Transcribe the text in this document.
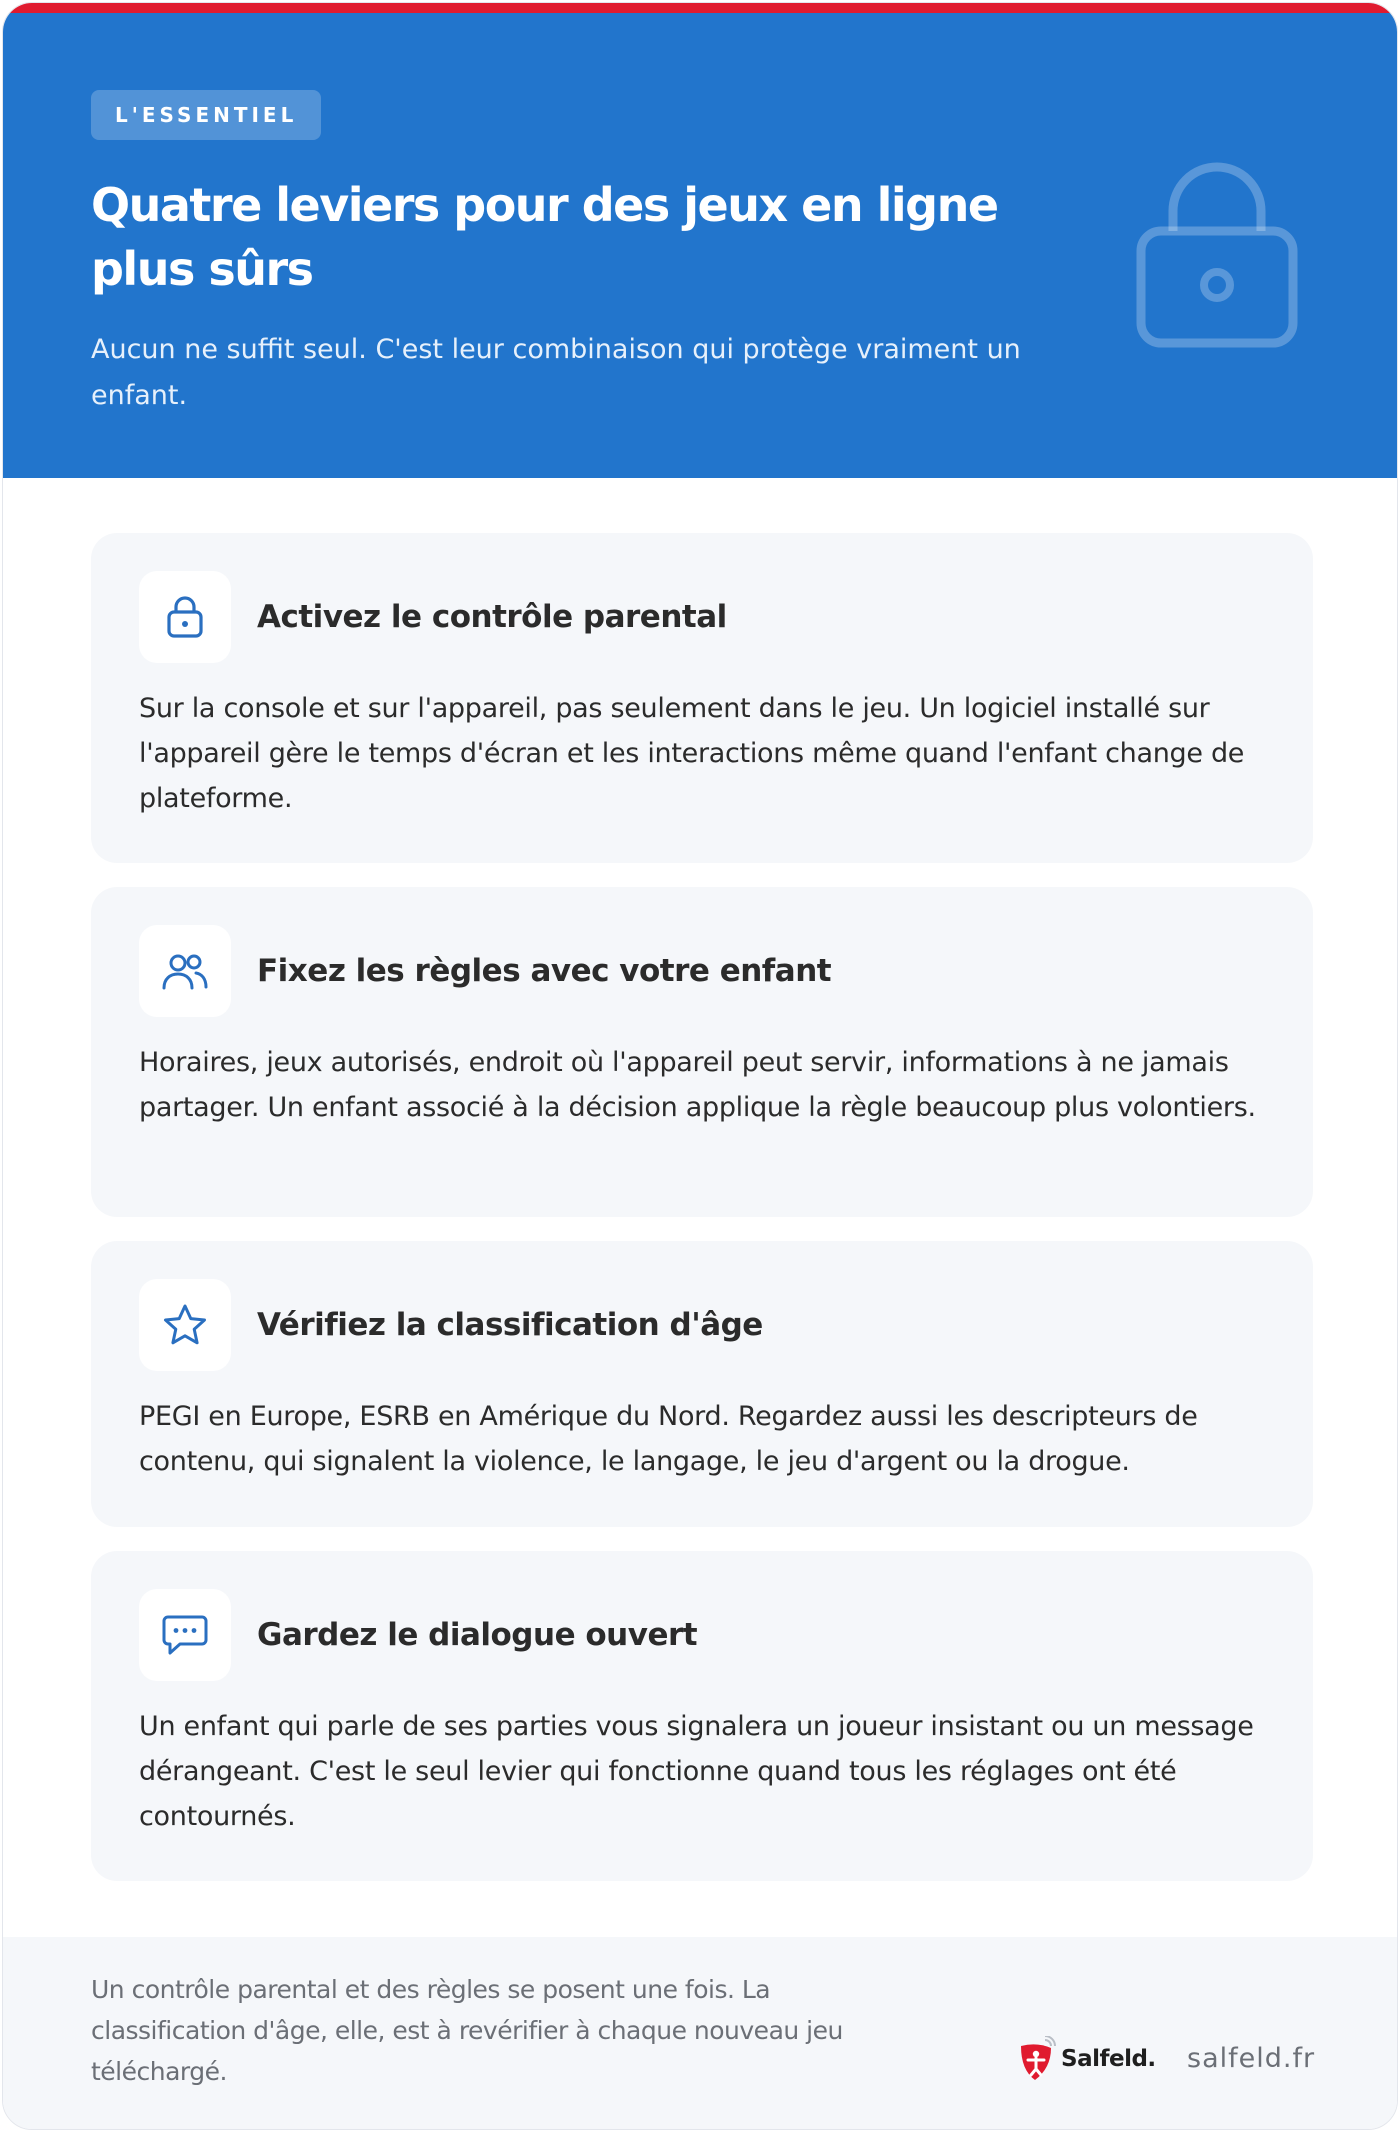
L'ESSENTIEL
Quatre leviers pour des jeux en ligne plus sûrs

Aucun ne suffit seul. C'est leur combinaison qui protège vraiment un enfant.

Activez le contrôle parental

Sur la console et sur l'appareil, pas seulement dans le jeu. Un logiciel installé sur l'appareil gère le temps d'écran et les interactions même quand l'enfant change de plateforme.

Fixez les règles avec votre enfant

Horaires, jeux autorisés, endroit où l'appareil peut servir, informations à ne jamais partager. Un enfant associé à la décision applique la règle beaucoup plus volontiers.

Vérifiez la classification d'âge

PEGI en Europe, ESRB en Amérique du Nord. Regardez aussi les descripteurs de contenu, qui signalent la violence, le langage, le jeu d'argent ou la drogue.

Gardez le dialogue ouvert

Un enfant qui parle de ses parties vous signalera un joueur insistant ou un message dérangeant. C'est le seul levier qui fonctionne quand tous les réglages ont été contournés.

Un contrôle parental et des règles se posent une fois. La classification d'âge, elle, est à revérifier à chaque nouveau jeu téléchargé.	Salfeld. salfeld.fr
